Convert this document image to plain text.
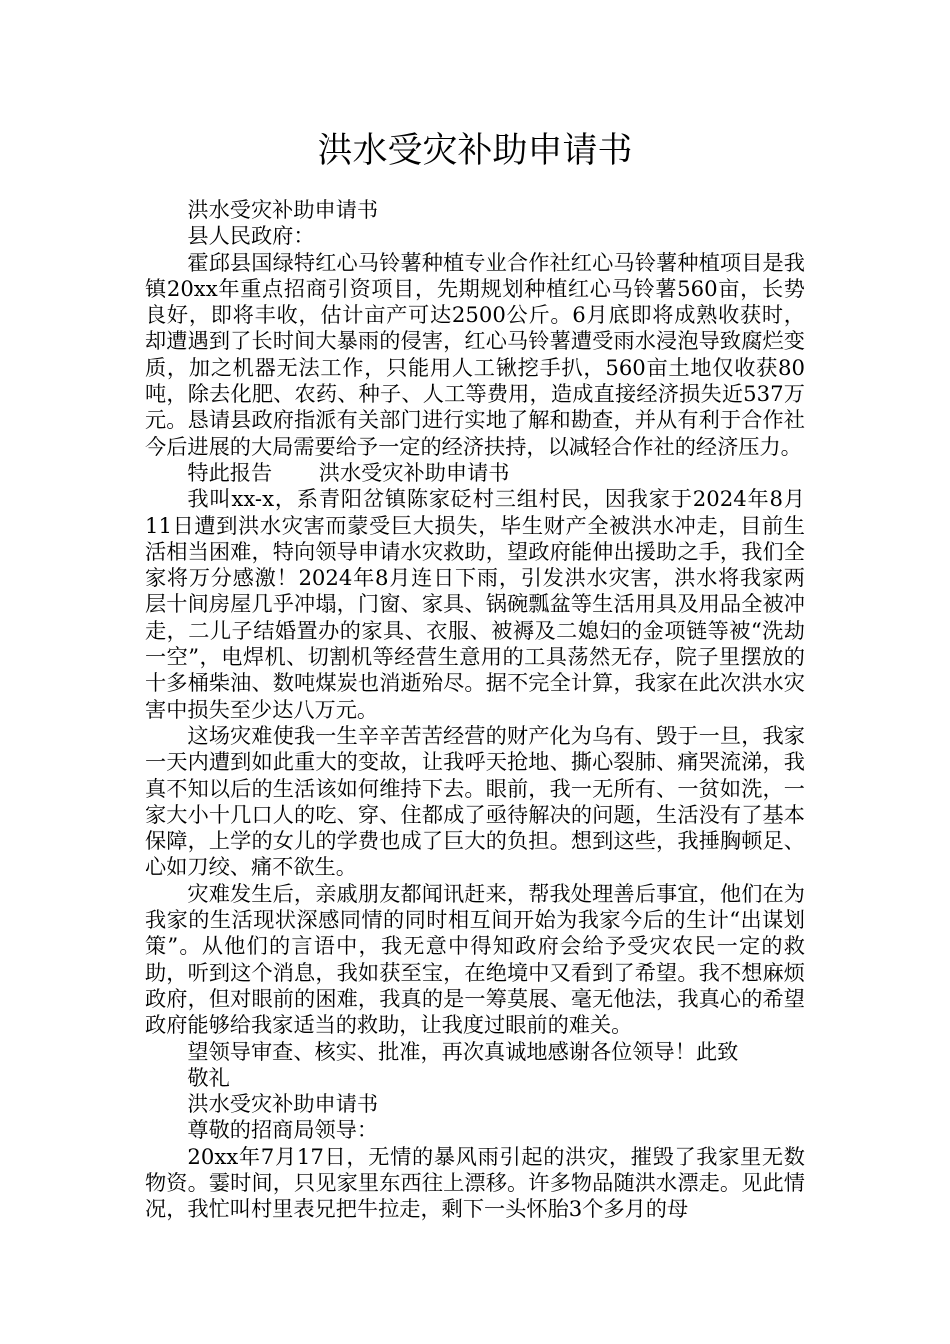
洪水受灾补助申请书

洪水受灾补助申请书

县人民政府：

霍邱县国绿特红心马铃薯种植专业合作社红心马铃薯种植项目是我镇20xx年重点招商引资项目，先期规划种植红心马铃薯560亩，长势良好，即将丰收，估计亩产可达2500公斤。6月底即将成熟收获时，却遭遇到了长时间大暴雨的侵害，红心马铃薯遭受雨水浸泡导致腐烂变质，加之机器无法工作，只能用人工锹挖手扒，560亩土地仅收获80吨，除去化肥、农药、种子、人工等费用，造成直接经济损失近537万元。恳请县政府指派有关部门进行实地了解和勘查，并从有利于合作社今后进展的大局需要给予一定的经济扶持，以减轻合作社的经济压力。

特此报告 洪水受灾补助申请书

我叫xx-x，系青阳岔镇陈家砭村三组村民，因我家于2024年8月11日遭到洪水灾害而蒙受巨大损失，毕生财产全被洪水冲走，目前生活相当困难，特向领导申请水灾救助，望政府能伸出援助之手，我们全家将万分感激！2024年8月连日下雨，引发洪水灾害，洪水将我家两层十间房屋几乎冲塌，门窗、家具、锅碗瓢盆等生活用具及用品全被冲走，二儿子结婚置办的家具、衣服、被褥及二媳妇的金项链等被“洗劫一空”，电焊机、切割机等经营生意用的工具荡然无存，院子里摆放的十多桶柴油、数吨煤炭也消逝殆尽。据不完全计算，我家在此次洪水灾害中损失至少达八万元。

这场灾难使我一生辛辛苦苦经营的财产化为乌有、毁于一旦，我家一天内遭到如此重大的变故，让我呼天抢地、撕心裂肺、痛哭流涕，我真不知以后的生活该如何维持下去。眼前，我一无所有、一贫如洗，一家大小十几口人的吃、穿、住都成了亟待解决的问题，生活没有了基本保障，上学的女儿的学费也成了巨大的负担。想到这些，我捶胸顿足、心如刀绞、痛不欲生。

灾难发生后，亲戚朋友都闻讯赶来，帮我处理善后事宜，他们在为我家的生活现状深感同情的同时相互间开始为我家今后的生计“出谋划策”。从他们的言语中，我无意中得知政府会给予受灾农民一定的救助，听到这个消息，我如获至宝，在绝境中又看到了希望。我不想麻烦政府，但对眼前的困难，我真的是一筹莫展、毫无他法，我真心的希望政府能够给我家适当的救助，让我度过眼前的难关。

望领导审查、核实、批准，再次真诚地感谢各位领导！此致

敬礼

洪水受灾补助申请书

尊敬的招商局领导：

20xx年7月17日，无情的暴风雨引起的洪灾，摧毁了我家里无数物资。霎时间，只见家里东西往上漂移。许多物品随洪水漂走。见此情况，我忙叫村里表兄把牛拉走，剩下一头怀胎3个多月的母
